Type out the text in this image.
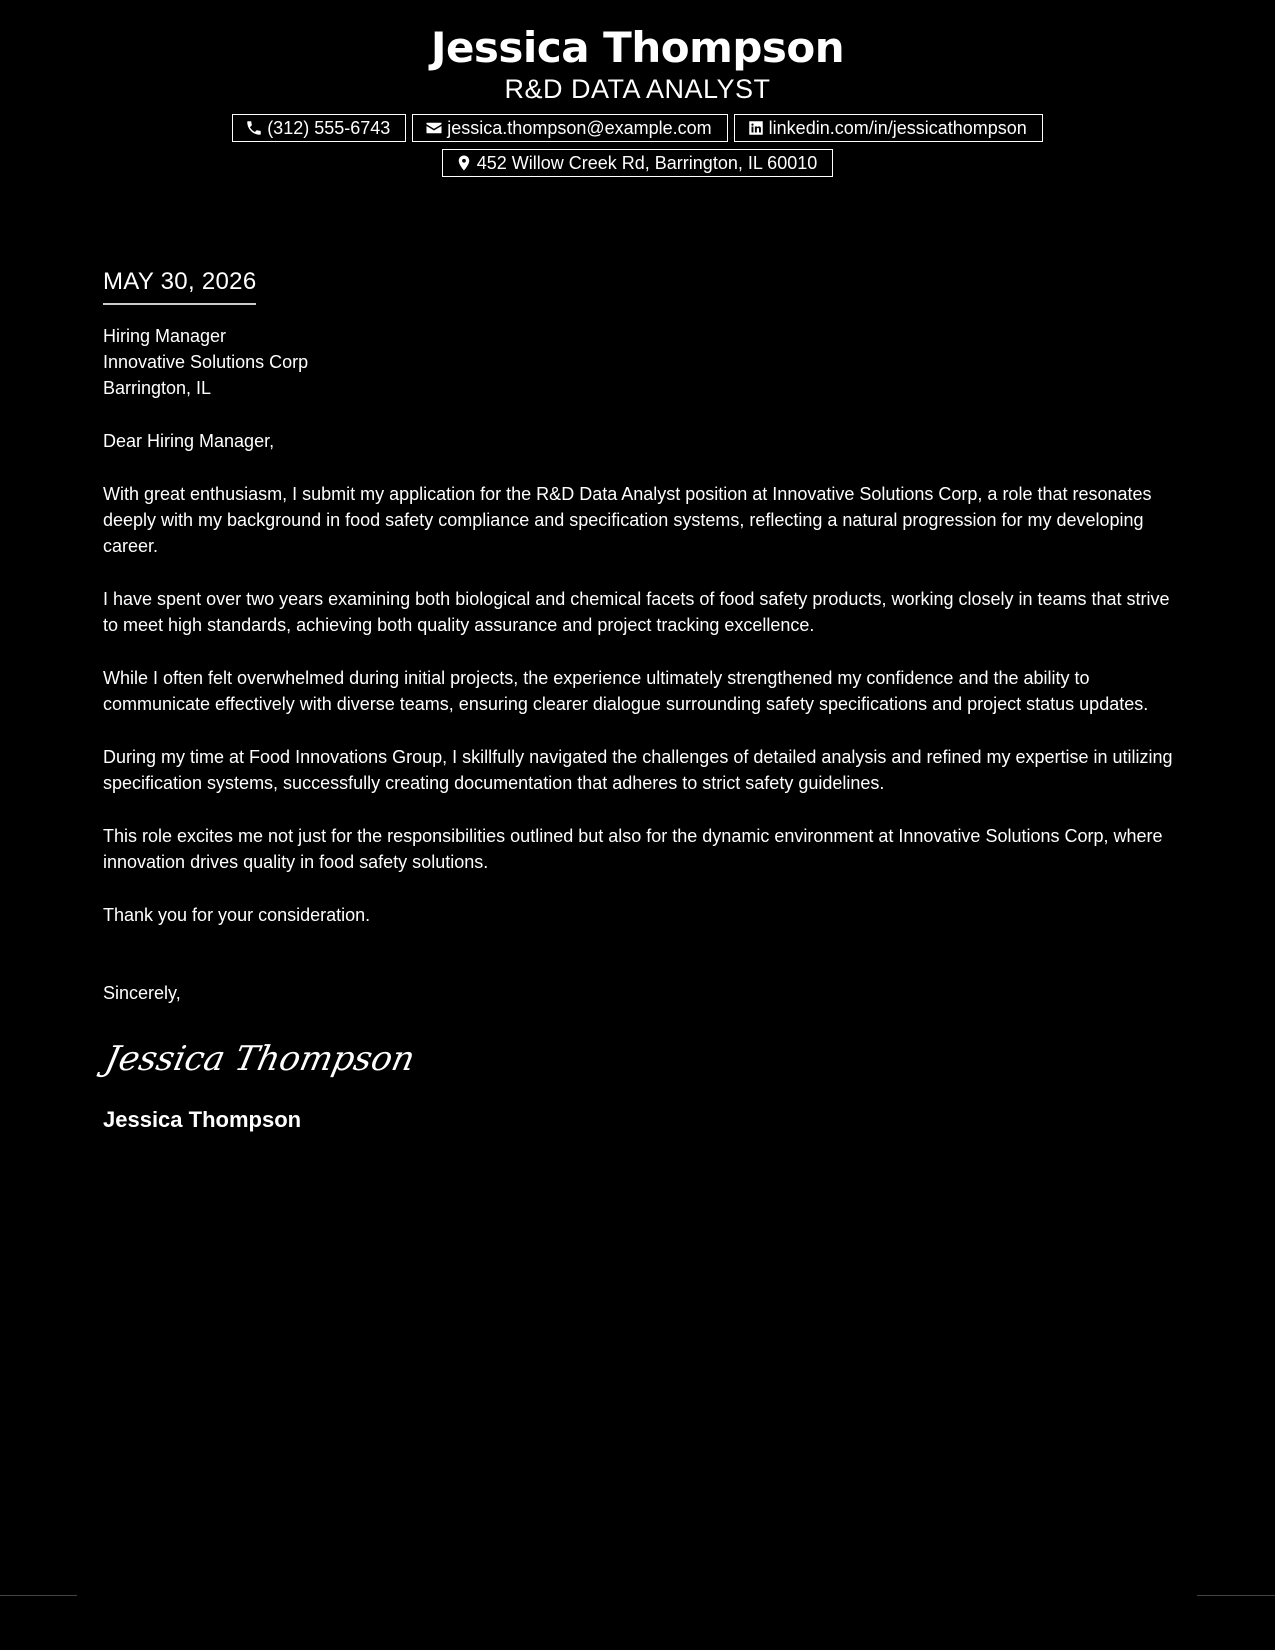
Jessica Thompson
R&D DATA ANALYST
(312) 555-6743	jessica.thompson@example.com	linkedin.com/in/jessicathompson
452 Willow Creek Rd, Barrington, IL 60010
MAY 30, 2026
Hiring Manager
Innovative Solutions Corp
Barrington, IL
Dear Hiring Manager,

With great enthusiasm, I submit my application for the R&D Data Analyst position at Innovative Solutions Corp, a role that resonates deeply with my background in food safety compliance and specification systems, reflecting a natural progression for my developing career.

I have spent over two years examining both biological and chemical facets of food safety products, working closely in teams that strive to meet high standards, achieving both quality assurance and project tracking excellence.

While I often felt overwhelmed during initial projects, the experience ultimately strengthened my confidence and the ability to communicate effectively with diverse teams, ensuring clearer dialogue surrounding safety specifications and project status updates.

During my time at Food Innovations Group, I skillfully navigated the challenges of detailed analysis and refined my expertise in utilizing specification systems, successfully creating documentation that adheres to strict safety guidelines.

This role excites me not just for the responsibilities outlined but also for the dynamic environment at Innovative Solutions Corp, where innovation drives quality in food safety solutions.

Thank you for your consideration.

Sincerely,
Jessica Thompson
Jessica Thompson
